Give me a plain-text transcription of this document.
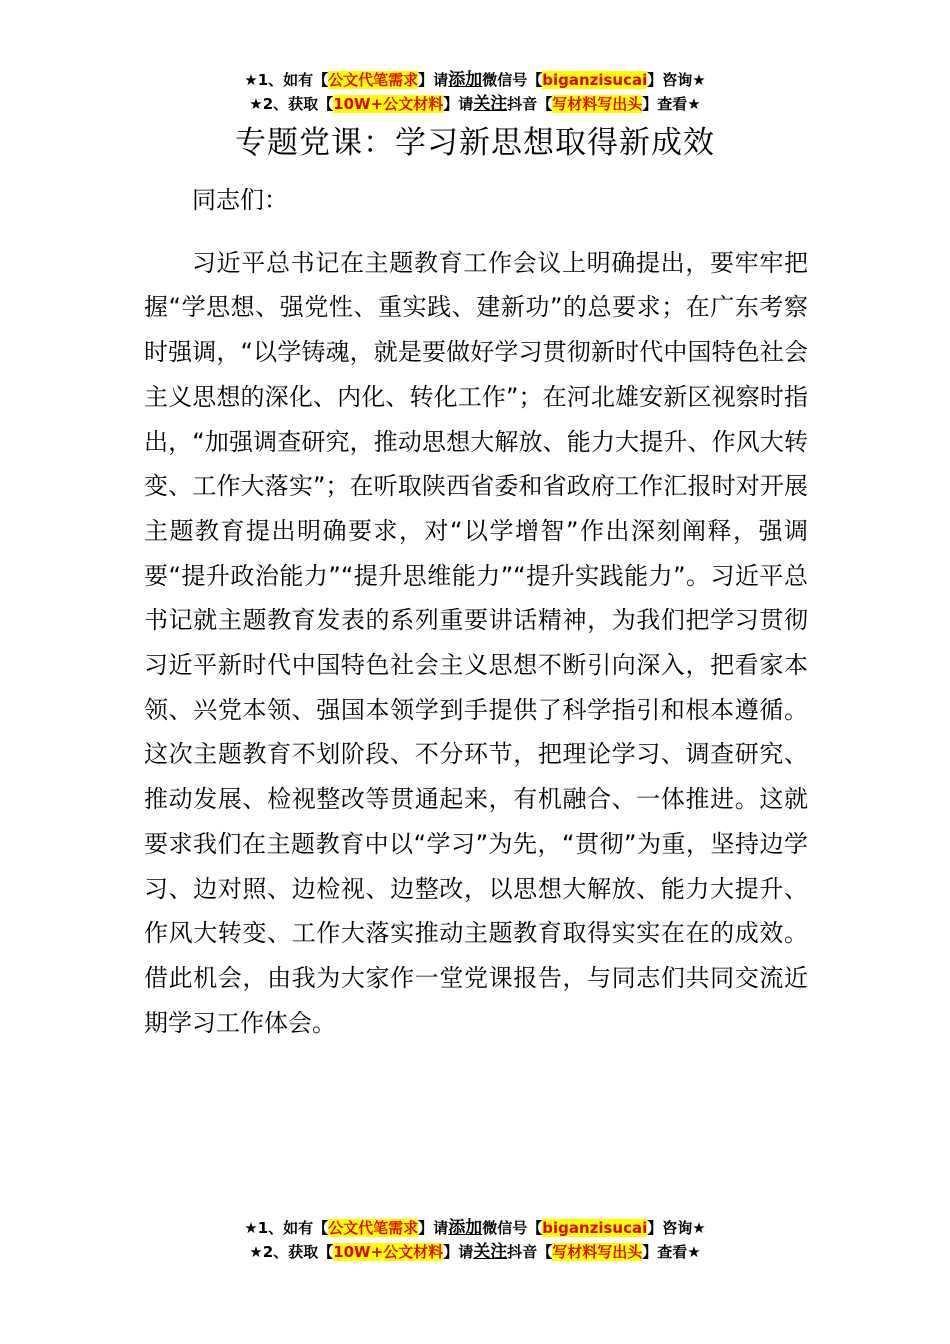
★1、如有【公文代笔需求】请添加微信号【biganzisucai】咨询★
★2、获取【10W+公文材料】请关注抖音【写材料写出头】查看★
专题党课：学习新思想取得新成效

同志们：

习近平总书记在主题教育工作会议上明确提出，要牢牢把握“学思想、强党性、重实践、建新功”的总要求；在广东考察时强调，“以学铸魂，就是要做好学习贯彻新时代中国特色社会主义思想的深化、内化、转化工作”；在河北雄安新区视察时指出，“加强调查研究，推动思想大解放、能力大提升、作风大转变、工作大落实”；在听取陕西省委和省政府工作汇报时对开展主题教育提出明确要求，对“以学增智”作出深刻阐释，强调要“提升政治能力”“提升思维能力”“提升实践能力”。习近平总书记就主题教育发表的系列重要讲话精神，为我们把学习贯彻习近平新时代中国特色社会主义思想不断引向深入，把看家本领、兴党本领、强国本领学到手提供了科学指引和根本遵循。这次主题教育不划阶段、不分环节，把理论学习、调查研究、推动发展、检视整改等贯通起来，有机融合、一体推进。这就要求我们在主题教育中以“学习”为先，“贯彻”为重，坚持边学习、边对照、边检视、边整改，以思想大解放、能力大提升、作风大转变、工作大落实推动主题教育取得实实在在的成效。借此机会，由我为大家作一堂党课报告，与同志们共同交流近期学习工作体会。

★1、如有【公文代笔需求】请添加微信号【biganzisucai】咨询★
★2、获取【10W+公文材料】请关注抖音【写材料写出头】查看★
